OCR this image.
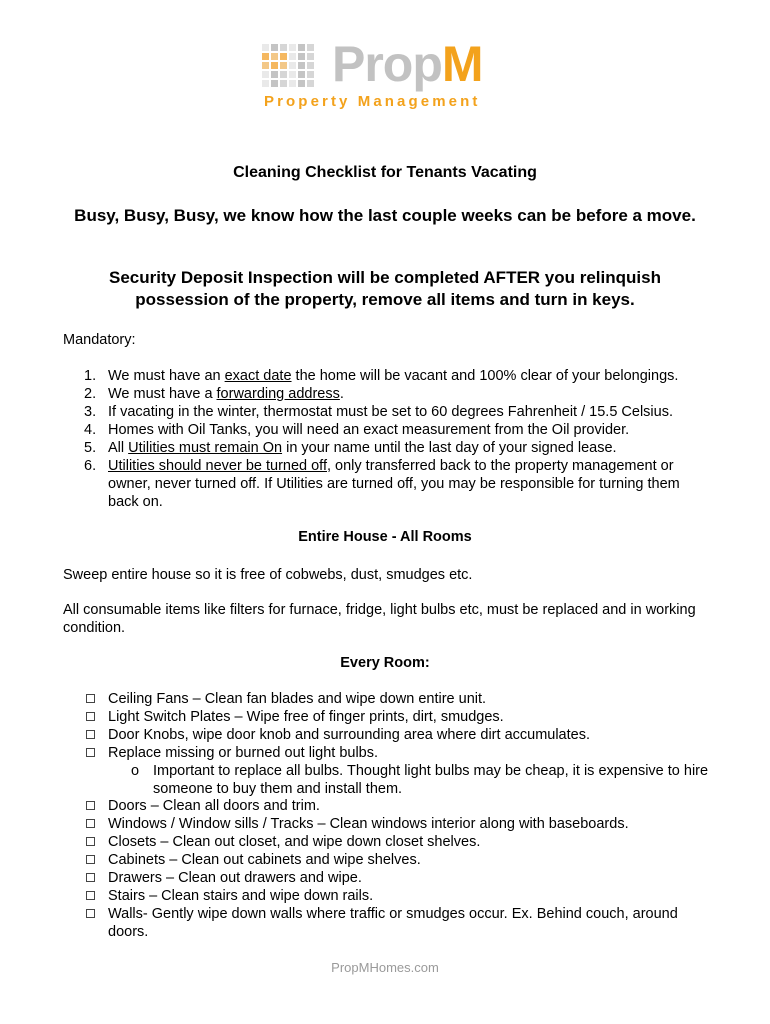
PropM
Property Management
Cleaning Checklist for Tenants Vacating
Busy, Busy, Busy, we know how the last couple weeks can be before a move.
Security Deposit Inspection will be completed AFTER you relinquish possession of the property, remove all items and turn in keys.
Mandatory:
1. We must have an exact date the home will be vacant and 100% clear of your belongings.
2. We must have a forwarding address.
3. If vacating in the winter, thermostat must be set to 60 degrees Fahrenheit / 15.5 Celsius.
4. Homes with Oil Tanks, you will need an exact measurement from the Oil provider.
5. All Utilities must remain On in your name until the last day of your signed lease.
6. Utilities should never be turned off, only transferred back to the property management or owner, never turned off. If Utilities are turned off, you may be responsible for turning them back on.
Entire House - All Rooms
Sweep entire house so it is free of cobwebs, dust, smudges etc.
All consumable items like filters for furnace, fridge, light bulbs etc, must be replaced and in working condition.
Every Room:
Ceiling Fans – Clean fan blades and wipe down entire unit.
Light Switch Plates – Wipe free of finger prints, dirt, smudges.
Door Knobs, wipe door knob and surrounding area where dirt accumulates.
Replace missing or burned out light bulbs.
o Important to replace all bulbs. Thought light bulbs may be cheap, it is expensive to hire someone to buy them and install them.
Doors – Clean all doors and trim.
Windows / Window sills / Tracks – Clean windows interior along with baseboards.
Closets – Clean out closet, and wipe down closet shelves.
Cabinets – Clean out cabinets and wipe shelves.
Drawers – Clean out drawers and wipe.
Stairs – Clean stairs and wipe down rails.
Walls- Gently wipe down walls where traffic or smudges occur. Ex. Behind couch, around doors.
PropMHomes.com
